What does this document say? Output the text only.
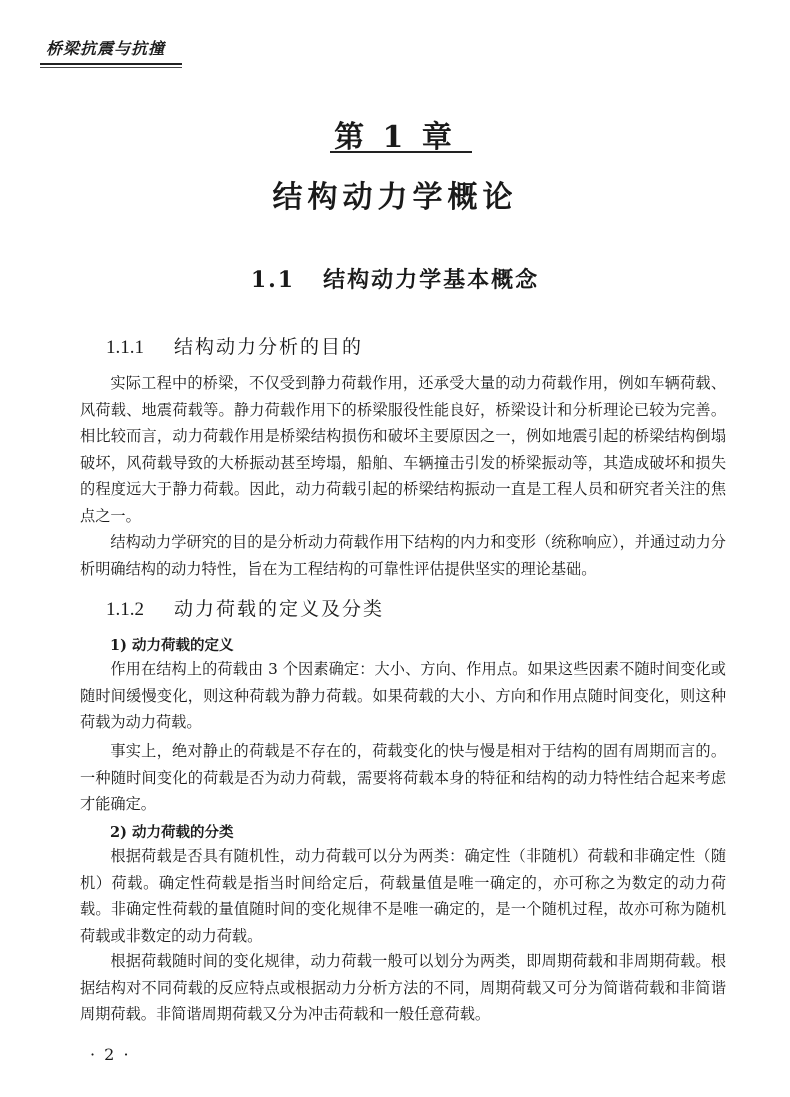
桥梁抗震与抗撞
第 1 章
结构动力学概论
1.1 结构动力学基本概念
1.1.1 结构动力分析的目的

实际工程中的桥梁，不仅受到静力荷载作用，还承受大量的动力荷载作用，例如车辆荷载、风荷载、地震荷载等。静力荷载作用下的桥梁服役性能良好，桥梁设计和分析理论已较为完善。相比较而言，动力荷载作用是桥梁结构损伤和破坏主要原因之一，例如地震引起的桥梁结构倒塌破坏，风荷载导致的大桥振动甚至垮塌，船舶、车辆撞击引发的桥梁振动等，其造成破坏和损失的程度远大于静力荷载。因此，动力荷载引起的桥梁结构振动一直是工程人员和研究者关注的焦点之一。

结构动力学研究的目的是分析动力荷载作用下结构的内力和变形（统称响应），并通过动力分析明确结构的动力特性，旨在为工程结构的可靠性评估提供坚实的理论基础。

1.1.2 动力荷载的定义及分类
1) 动力荷载的定义

作用在结构上的荷载由 3 个因素确定：大小、方向、作用点。如果这些因素不随时间变化或随时间缓慢变化，则这种荷载为静力荷载。如果荷载的大小、方向和作用点随时间变化，则这种荷载为动力荷载。

事实上，绝对静止的荷载是不存在的，荷载变化的快与慢是相对于结构的固有周期而言的。一种随时间变化的荷载是否为动力荷载，需要将荷载本身的特征和结构的动力特性结合起来考虑才能确定。

2) 动力荷载的分类

根据荷载是否具有随机性，动力荷载可以分为两类：确定性（非随机）荷载和非确定性（随机）荷载。确定性荷载是指当时间给定后，荷载量值是唯一确定的，亦可称之为数定的动力荷载。非确定性荷载的量值随时间的变化规律不是唯一确定的，是一个随机过程，故亦可称为随机荷载或非数定的动力荷载。

根据荷载随时间的变化规律，动力荷载一般可以划分为两类，即周期荷载和非周期荷载。根据结构对不同荷载的反应特点或根据动力分析方法的不同，周期荷载又可分为简谐荷载和非简谐周期荷载。非简谐周期荷载又分为冲击荷载和一般任意荷载。

· 2 ·
